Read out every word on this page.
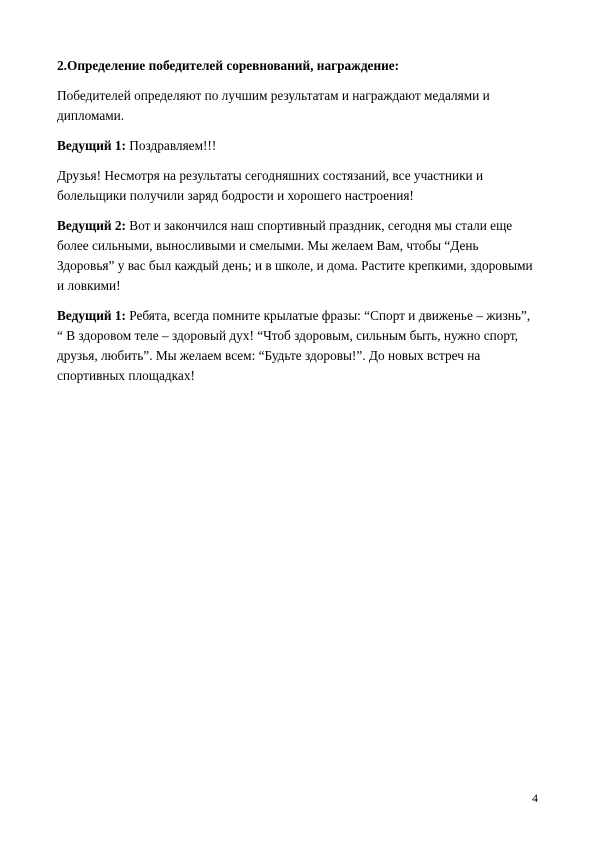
2.Определение победителей соревнований, награждение:

Победителей определяют по лучшим результатам и награждают медалями и дипломами.

Ведущий 1: Поздравляем!!!

Друзья! Несмотря на результаты сегодняшних состязаний, все участники и болельщики получили заряд бодрости и хорошего настроения!

Ведущий 2: Вот и закончился наш спортивный праздник, сегодня мы стали еще более сильными, выносливыми и смелыми. Мы желаем Вам, чтобы “День Здоровья” у вас был каждый день; и в школе, и дома. Растите крепкими, здоровыми и ловкими!

Ведущий 1: Ребята, всегда помните крылатые фразы: “Спорт и движенье – жизнь”, “ В здоровом теле – здоровый дух! “Чтоб здоровым, сильным быть, нужно спорт, друзья, любить”. Мы желаем всем: “Будьте здоровы!”. До новых встреч на спортивных площадках!

4
